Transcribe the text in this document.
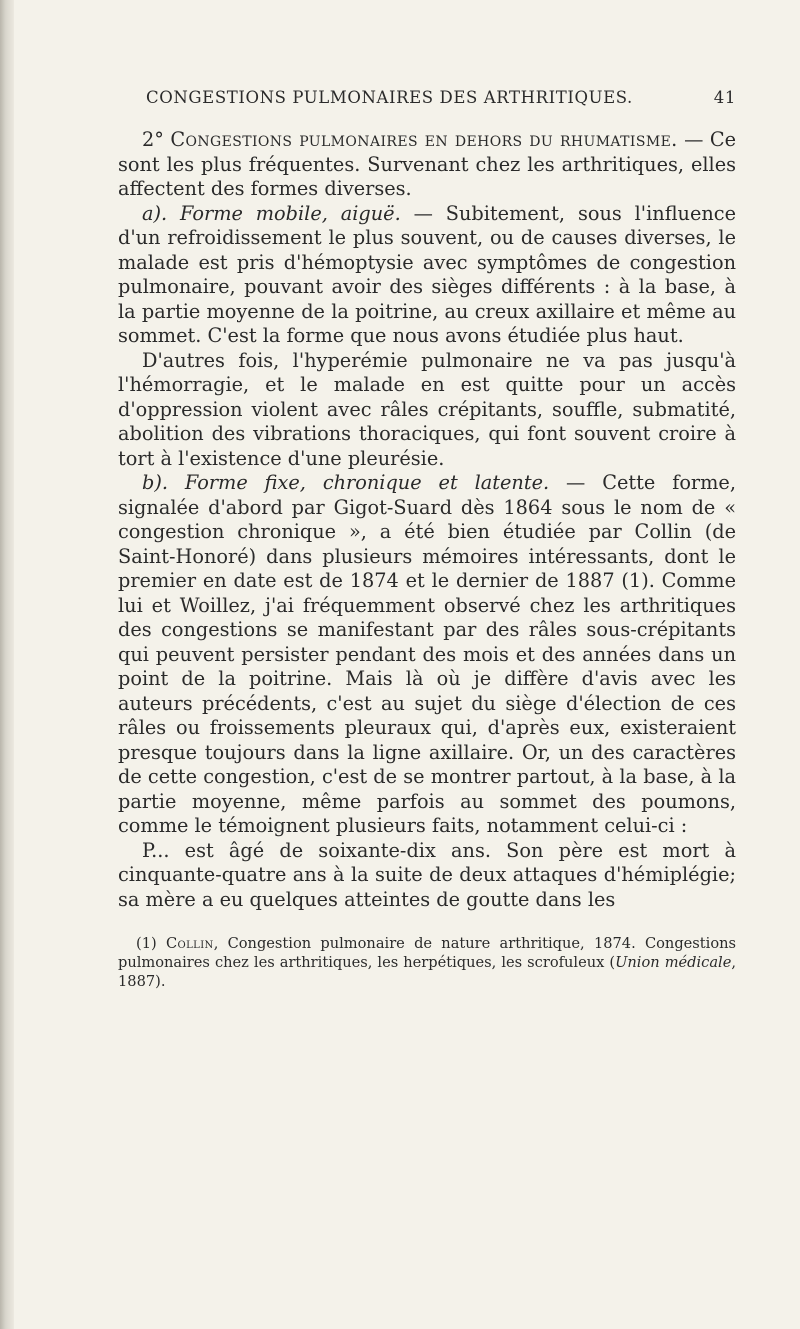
CONGESTIONS PULMONAIRES DES ARTHRITIQUES.	41

2° Congestions pulmonaires en dehors du rhumatisme. — Ce sont les plus fréquentes. Survenant chez les arthritiques, elles affectent des formes diverses.

a). Forme mobile, aiguë. — Subitement, sous l'influence d'un refroidissement le plus souvent, ou de causes diverses, le malade est pris d'hémoptysie avec symptômes de congestion pulmonaire, pouvant avoir des sièges différents : à la base, à la partie moyenne de la poitrine, au creux axillaire et même au sommet. C'est la forme que nous avons étudiée plus haut.

D'autres fois, l'hyperémie pulmonaire ne va pas jusqu'à l'hémorragie, et le malade en est quitte pour un accès d'oppression violent avec râles crépitants, souffle, submatité, abolition des vibrations thoraciques, qui font souvent croire à tort à l'existence d'une pleurésie.

b). Forme fixe, chronique et latente. — Cette forme, signalée d'abord par Gigot-Suard dès 1864 sous le nom de « congestion chronique », a été bien étudiée par Collin (de Saint-Honoré) dans plusieurs mémoires intéressants, dont le premier en date est de 1874 et le dernier de 1887 (1). Comme lui et Woillez, j'ai fréquemment observé chez les arthritiques des congestions se manifestant par des râles sous-crépitants qui peuvent persister pendant des mois et des années dans un point de la poitrine. Mais là où je diffère d'avis avec les auteurs précédents, c'est au sujet du siège d'élection de ces râles ou froissements pleuraux qui, d'après eux, existeraient presque toujours dans la ligne axillaire. Or, un des caractères de cette congestion, c'est de se montrer partout, à la base, à la partie moyenne, même parfois au sommet des poumons, comme le témoignent plusieurs faits, notamment celui-ci :

P... est âgé de soixante-dix ans. Son père est mort à cinquante-quatre ans à la suite de deux attaques d'hémiplégie; sa mère a eu quelques atteintes de goutte dans les

(1) Collin, Congestion pulmonaire de nature arthritique, 1874. Congestions pulmonaires chez les arthritiques, les herpétiques, les scrofuleux (Union médicale, 1887).
